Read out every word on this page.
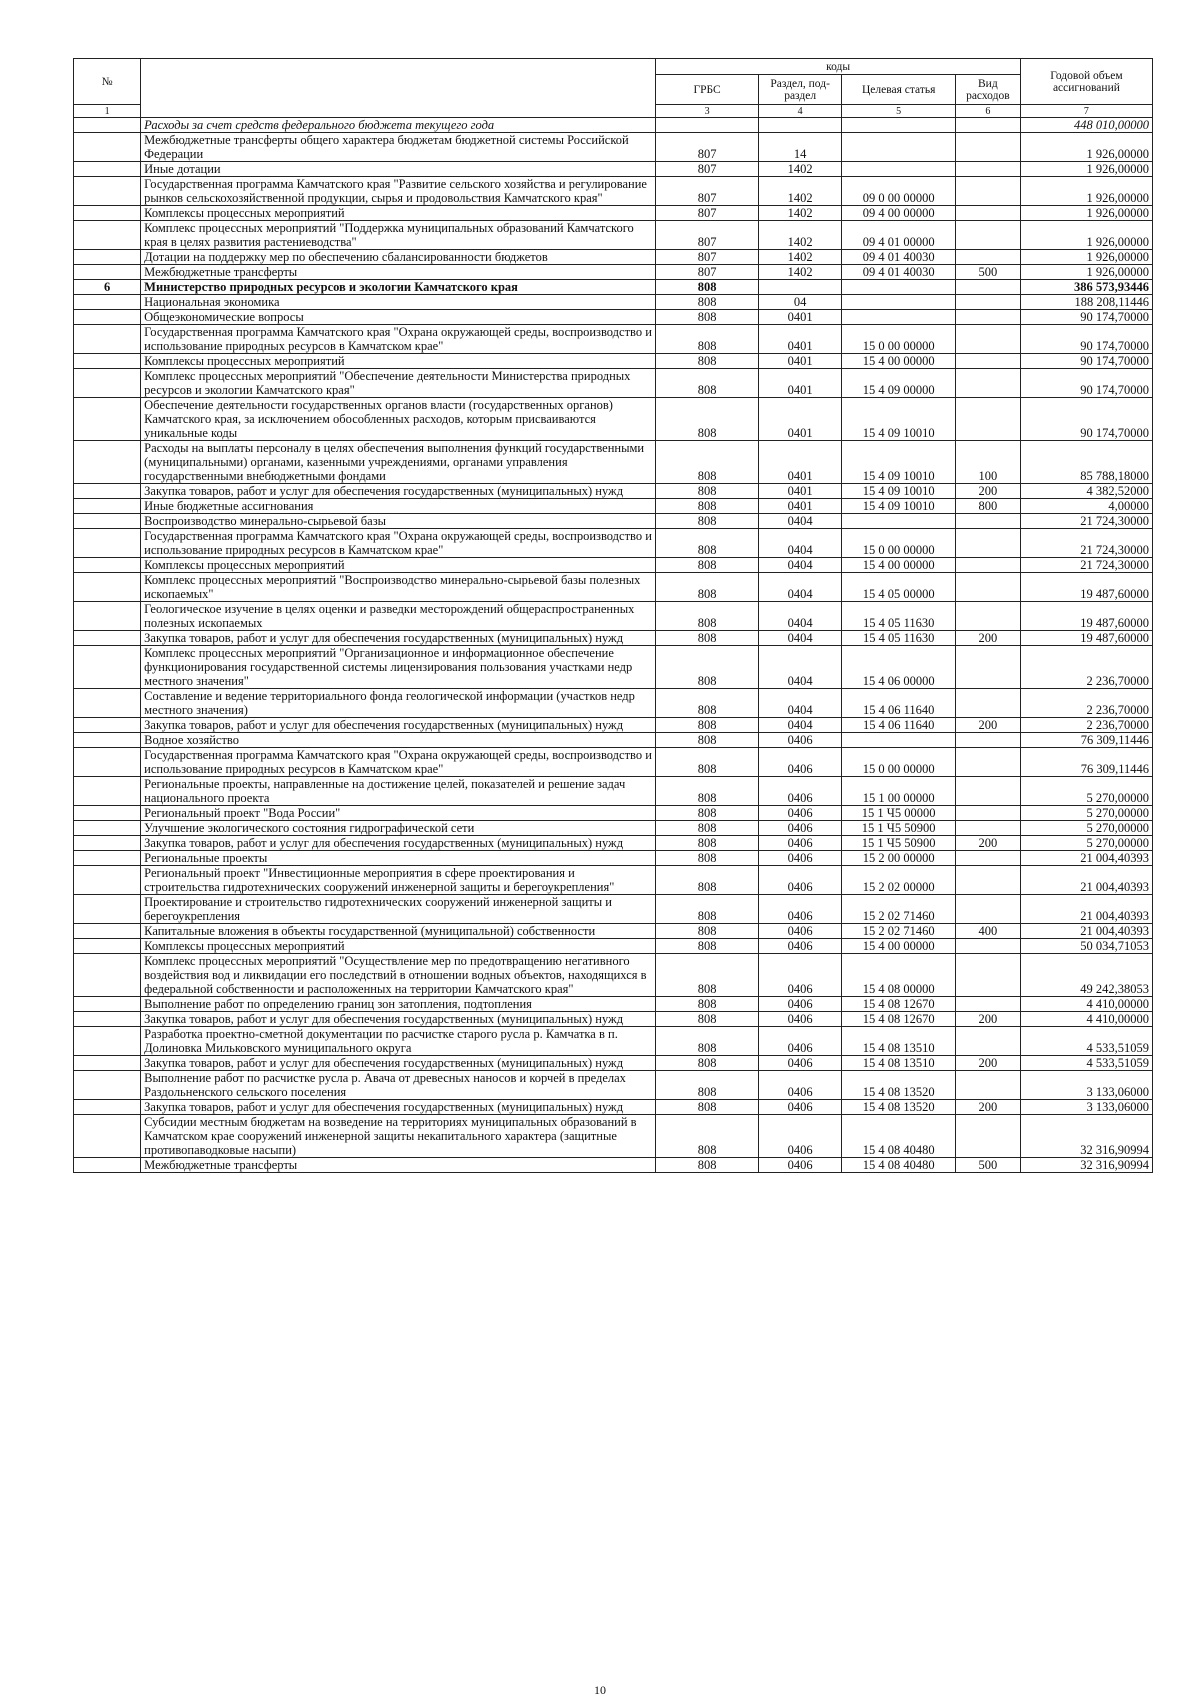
№		коды				Годовой объем ассигнований
		ГРБС	Раздел, под-раздел	Целевая статья	Вид расходов	
1		3	4	5	6	7
	Расходы за счет средств федерального бюджета текущего года					448 010,00000
	Межбюджетные трансферты общего характера бюджетам бюджетной системы Российской Федерации	807	14			1 926,00000
	Иные дотации	807	1402			1 926,00000
	Государственная программа Камчатского края "Развитие сельского хозяйства и регулирование рынков сельскохозяйственной продукции, сырья и продовольствия Камчатского края"	807	1402	09 0 00 00000		1 926,00000
	Комплексы процессных мероприятий	807	1402	09 4 00 00000		1 926,00000
	Комплекс процессных мероприятий "Поддержка муниципальных образований Камчатского края в целях развития растениеводства"	807	1402	09 4 01 00000		1 926,00000
	Дотации на поддержку мер по обеспечению сбалансированности бюджетов	807	1402	09 4 01 40030		1 926,00000
	Межбюджетные трансферты	807	1402	09 4 01 40030	500	1 926,00000
6	Министерство природных ресурсов и экологии Камчатского края	808				386 573,93446
	Национальная экономика	808	04			188 208,11446
	Общеэкономические вопросы	808	0401			90 174,70000
	Государственная программа Камчатского края "Охрана окружающей среды, воспроизводство и использование природных ресурсов в Камчатском крае"	808	0401	15 0 00 00000		90 174,70000
	Комплексы процессных мероприятий	808	0401	15 4 00 00000		90 174,70000
	Комплекс процессных мероприятий "Обеспечение деятельности Министерства природных ресурсов и экологии Камчатского края"	808	0401	15 4 09 00000		90 174,70000
	Обеспечение деятельности государственных органов власти (государственных органов) Камчатского края, за исключением обособленных расходов, которым присваиваются уникальные коды	808	0401	15 4 09 10010		90 174,70000
	Расходы на выплаты персоналу в целях обеспечения выполнения функций государственными (муниципальными) органами, казенными учреждениями, органами управления государственными внебюджетными фондами	808	0401	15 4 09 10010	100	85 788,18000
	Закупка товаров, работ и услуг для обеспечения государственных (муниципальных) нужд	808	0401	15 4 09 10010	200	4 382,52000
	Иные бюджетные ассигнования	808	0401	15 4 09 10010	800	4,00000
	Воспроизводство минерально-сырьевой базы	808	0404			21 724,30000
	Государственная программа Камчатского края "Охрана окружающей среды, воспроизводство и использование природных ресурсов в Камчатском крае"	808	0404	15 0 00 00000		21 724,30000
	Комплексы процессных мероприятий	808	0404	15 4 00 00000		21 724,30000
	Комплекс процессных мероприятий "Воспроизводство минерально-сырьевой базы полезных ископаемых"	808	0404	15 4 05 00000		19 487,60000
	Геологическое изучение в целях оценки и разведки месторождений общераспространенных полезных ископаемых	808	0404	15 4 05 11630		19 487,60000
	Закупка товаров, работ и услуг для обеспечения государственных (муниципальных) нужд	808	0404	15 4 05 11630	200	19 487,60000
	Комплекс процессных мероприятий "Организационное и информационное обеспечение функционирования государственной системы лицензирования пользования участками недр местного значения"	808	0404	15 4 06 00000		2 236,70000
	Составление и ведение территориального фонда геологической информации (участков недр местного значения)	808	0404	15 4 06 11640		2 236,70000
	Закупка товаров, работ и услуг для обеспечения государственных (муниципальных) нужд	808	0404	15 4 06 11640	200	2 236,70000
	Водное хозяйство	808	0406			76 309,11446
	Государственная программа Камчатского края "Охрана окружающей среды, воспроизводство и использование природных ресурсов в Камчатском крае"	808	0406	15 0 00 00000		76 309,11446
	Региональные проекты, направленные на достижение целей, показателей и решение задач национального проекта	808	0406	15 1 00 00000		5 270,00000
	Региональный проект "Вода России"	808	0406	15 1 Ч5 00000		5 270,00000
	Улучшение экологического состояния гидрографической сети	808	0406	15 1 Ч5 50900		5 270,00000
	Закупка товаров, работ и услуг для обеспечения государственных (муниципальных) нужд	808	0406	15 1 Ч5 50900	200	5 270,00000
	Региональные проекты	808	0406	15 2 00 00000		21 004,40393
	Региональный проект "Инвестиционные мероприятия в сфере проектирования и строительства гидротехнических сооружений инженерной защиты и берегоукрепления"	808	0406	15 2 02 00000		21 004,40393
	Проектирование и строительство гидротехнических сооружений инженерной защиты и берегоукрепления	808	0406	15 2 02 71460		21 004,40393
	Капитальные вложения в объекты государственной (муниципальной) собственности	808	0406	15 2 02 71460	400	21 004,40393
	Комплексы процессных мероприятий	808	0406	15 4 00 00000		50 034,71053
	Комплекс процессных мероприятий "Осуществление мер по предотвращению негативного воздействия вод и ликвидации его последствий в отношении водных объектов, находящихся в федеральной собственности и расположенных на территории Камчатского края"	808	0406	15 4 08 00000		49 242,38053
	Выполнение работ по определению границ зон затопления, подтопления	808	0406	15 4 08 12670		4 410,00000
	Закупка товаров, работ и услуг для обеспечения государственных (муниципальных) нужд	808	0406	15 4 08 12670	200	4 410,00000
	Разработка проектно-сметной документации по расчистке старого русла р. Камчатка в п. Долиновка Мильковского муниципального округа	808	0406	15 4 08 13510		4 533,51059
	Закупка товаров, работ и услуг для обеспечения государственных (муниципальных) нужд	808	0406	15 4 08 13510	200	4 533,51059
	Выполнение работ по расчистке русла р. Авача от древесных наносов и корчей в пределах Раздольненского сельского поселения	808	0406	15 4 08 13520		3 133,06000
	Закупка товаров, работ и услуг для обеспечения государственных (муниципальных) нужд	808	0406	15 4 08 13520	200	3 133,06000
	Субсидии местным бюджетам на возведение на территориях муниципальных образований в Камчатском крае сооружений инженерной защиты некапитального характера (защитные противопаводковые насыпи)	808	0406	15 4 08 40480		32 316,90994
	Межбюджетные трансферты	808	0406	15 4 08 40480	500	32 316,90994
10
